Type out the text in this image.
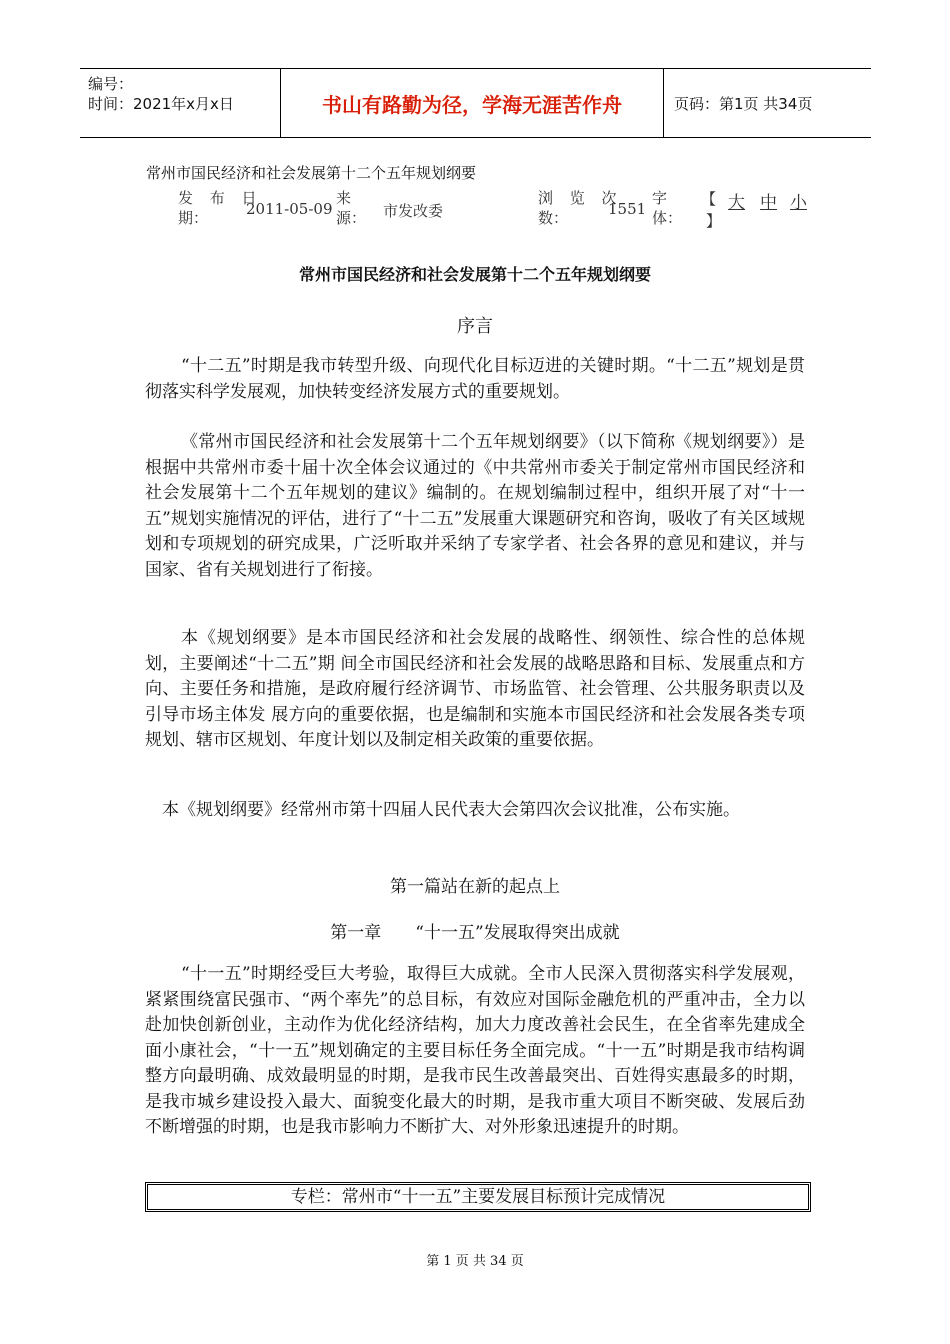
编号：
时间：2021年x月x日	书山有路勤为径，学海无涯苦作舟	页码：第1页 共34页
常州市国民经济和社会发展第十二个五年规划纲要
发 布 日
期：	2011-05-09
来
源： 市发改委
浏 览 次
数：	1551
字
体：
【 大 中 小
】
常州市国民经济和社会发展第十二个五年规划纲要
序言

“十二五”时期是我市转型升级、向现代化目标迈进的关键时期。“十二五”规划是贯彻落实科学发展观，加快转变经济发展方式的重要规划。

《常州市国民经济和社会发展第十二个五年规划纲要》（以下简称《规划纲要》）是根据中共常州市委十届十次全体会议通过的《中共常州市委关于制定常州市国民经济和社会发展第十二个五年规划的建议》编制的。在规划编制过程中，组织开展了对“十一五”规划实施情况的评估，进行了“十二五”发展重大课题研究和咨询，吸收了有关区域规划和专项规划的研究成果，广泛听取并采纳了专家学者、社会各界的意见和建议，并与国家、省有关规划进行了衔接。

本《规划纲要》是本市国民经济和社会发展的战略性、纲领性、综合性的总体规划，主要阐述“十二五”期 间全市国民经济和社会发展的战略思路和目标、发展重点和方向、主要任务和措施，是政府履行经济调节、市场监管、社会管理、公共服务职责以及引导市场主体发 展方向的重要依据，也是编制和实施本市国民经济和社会发展各类专项规划、辖市区规划、年度计划以及制定相关政策的重要依据。

本《规划纲要》经常州市第十四届人民代表大会第四次会议批准，公布实施。

第一篇站在新的起点上
第一章　　“十一五”发展取得突出成就

“十一五”时期经受巨大考验，取得巨大成就。全市人民深入贯彻落实科学发展观，紧紧围绕富民强市、“两个率先”的总目标，有效应对国际金融危机的严重冲击，全力以赴加快创新创业，主动作为优化经济结构，加大力度改善社会民生，在全省率先建成全面小康社会，“十一五”规划确定的主要目标任务全面完成。“十一五”时期是我市结构调整方向最明确、成效最明显的时期，是我市民生改善最突出、百姓得实惠最多的时期，是我市城乡建设投入最大、面貌变化最大的时期，是我市重大项目不断突破、发展后劲不断增强的时期，也是我市影响力不断扩大、对外形象迅速提升的时期。

专栏：常州市“十一五”主要发展目标预计完成情况
第 1 页 共 34 页
